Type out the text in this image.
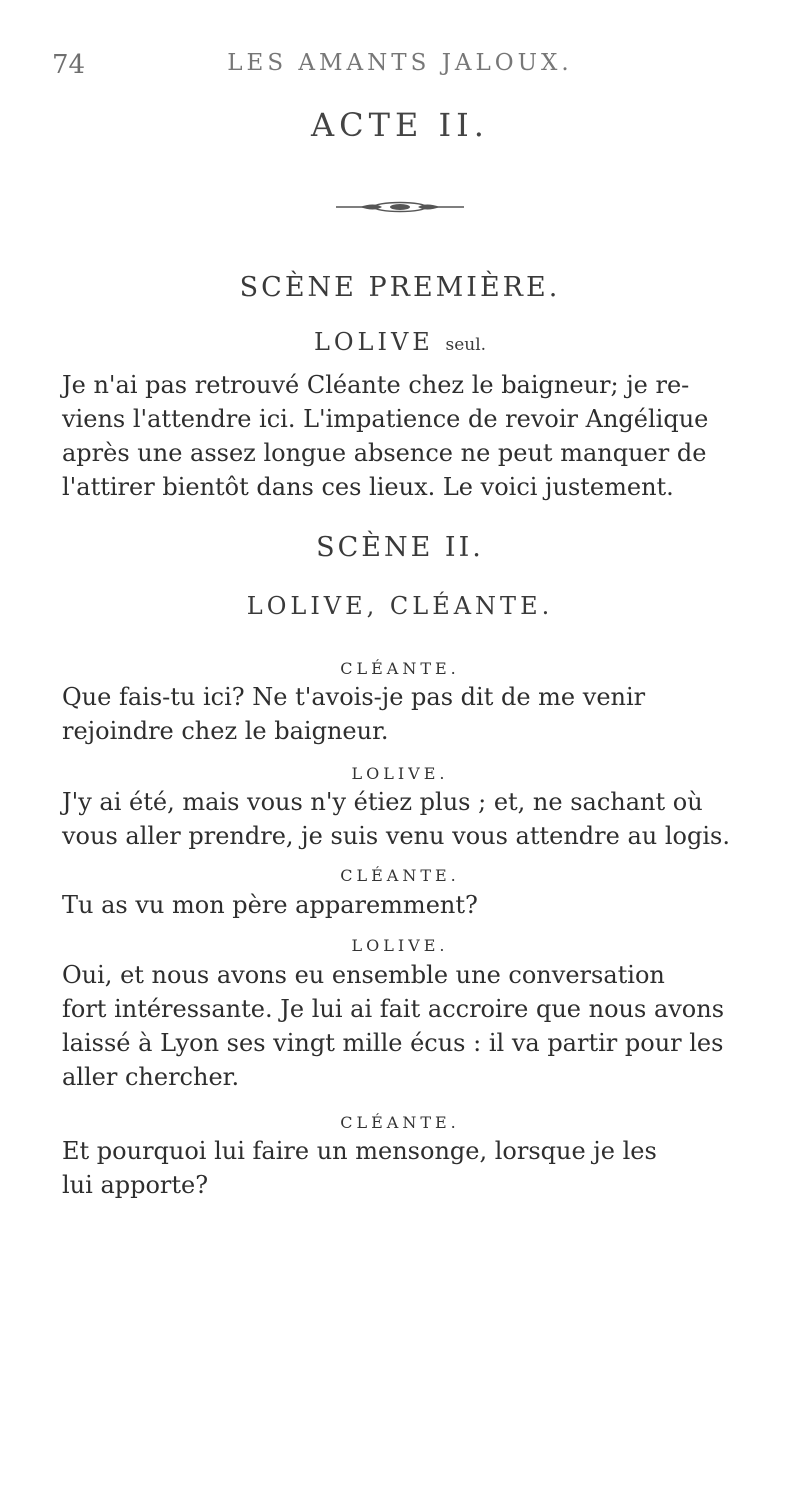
74	LES AMANTS JALOUX.
ACTE II.
SCÈNE PREMIÈRE.
LOLIVE seul.
Je n'ai pas retrouvé Cléante chez le baigneur; je re-
viens l'attendre ici. L'impatience de revoir Angélique
après une assez longue absence ne peut manquer de
l'attirer bientôt dans ces lieux. Le voici justement.
SCÈNE II.
LOLIVE, CLÉANTE.
CLÉANTE.
Que fais-tu ici? Ne t'avois-je pas dit de me venir
rejoindre chez le baigneur.
LOLIVE.
J'y ai été, mais vous n'y étiez plus ; et, ne sachant où
vous aller prendre, je suis venu vous attendre au logis.
CLÉANTE.
Tu as vu mon père apparemment?
LOLIVE.
Oui, et nous avons eu ensemble une conversation
fort intéressante. Je lui ai fait accroire que nous avons
laissé à Lyon ses vingt mille écus : il va partir pour les
aller chercher.
CLÉANTE.
Et pourquoi lui faire un mensonge, lorsque je les
lui apporte?
